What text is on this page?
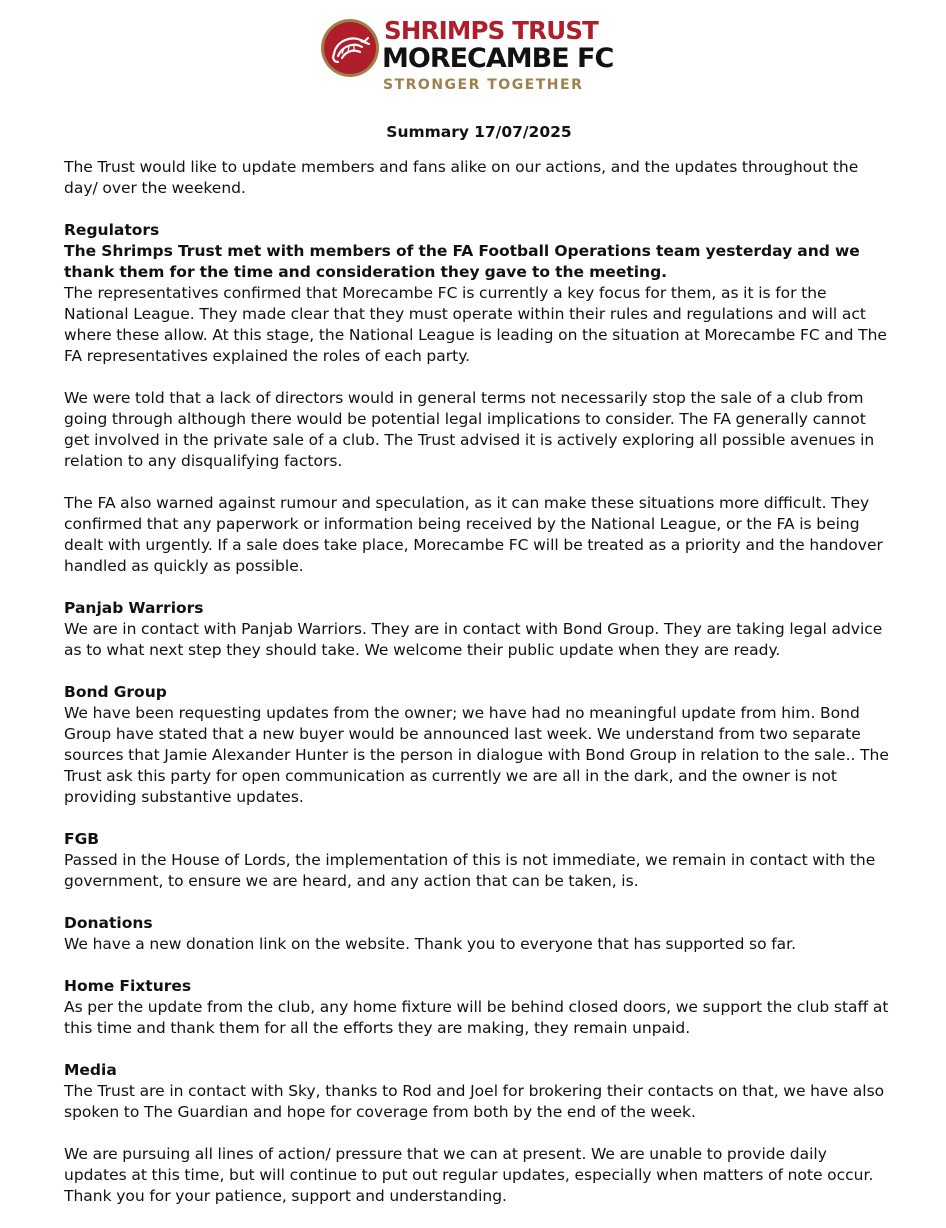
SHRIMPS TRUST
MORECAMBE FC
STRONGER TOGETHER

Summary 17/07/2025

The Trust would like to update members and fans alike on our actions, and the updates throughout the day/ over the weekend.

Regulators

The Shrimps Trust met with members of the FA Football Operations team yesterday and we thank them for the time and consideration they gave to the meeting.

The representatives confirmed that Morecambe FC is currently a key focus for them, as it is for the National League. They made clear that they must operate within their rules and regulations and will act where these allow. At this stage, the National League is leading on the situation at Morecambe FC and The FA representatives explained the roles of each party.

We were told that a lack of directors would in general terms not necessarily stop the sale of a club from going through although there would be potential legal implications to consider. The FA generally cannot get involved in the private sale of a club. The Trust advised it is actively exploring all possible avenues in relation to any disqualifying factors.

The FA also warned against rumour and speculation, as it can make these situations more difficult. They confirmed that any paperwork or information being received by the National League, or the FA is being dealt with urgently. If a sale does take place, Morecambe FC will be treated as a priority and the handover handled as quickly as possible.

Panjab Warriors

We are in contact with Panjab Warriors. They are in contact with Bond Group. They are taking legal advice as to what next step they should take. We welcome their public update when they are ready.

Bond Group

We have been requesting updates from the owner; we have had no meaningful update from him. Bond Group have stated that a new buyer would be announced last week. We understand from two separate sources that Jamie Alexander Hunter is the person in dialogue with Bond Group in relation to the sale.. The Trust ask this party for open communication as currently we are all in the dark, and the owner is not providing substantive updates.

FGB

Passed in the House of Lords, the implementation of this is not immediate, we remain in contact with the government, to ensure we are heard, and any action that can be taken, is.

Donations

We have a new donation link on the website. Thank you to everyone that has supported so far.

Home Fixtures

As per the update from the club, any home fixture will be behind closed doors, we support the club staff at this time and thank them for all the efforts they are making, they remain unpaid.

Media

The Trust are in contact with Sky, thanks to Rod and Joel for brokering their contacts on that, we have also spoken to The Guardian and hope for coverage from both by the end of the week.

We are pursuing all lines of action/ pressure that we can at present. We are unable to provide daily updates at this time, but will continue to put out regular updates, especially when matters of note occur. Thank you for your patience, support and understanding.
